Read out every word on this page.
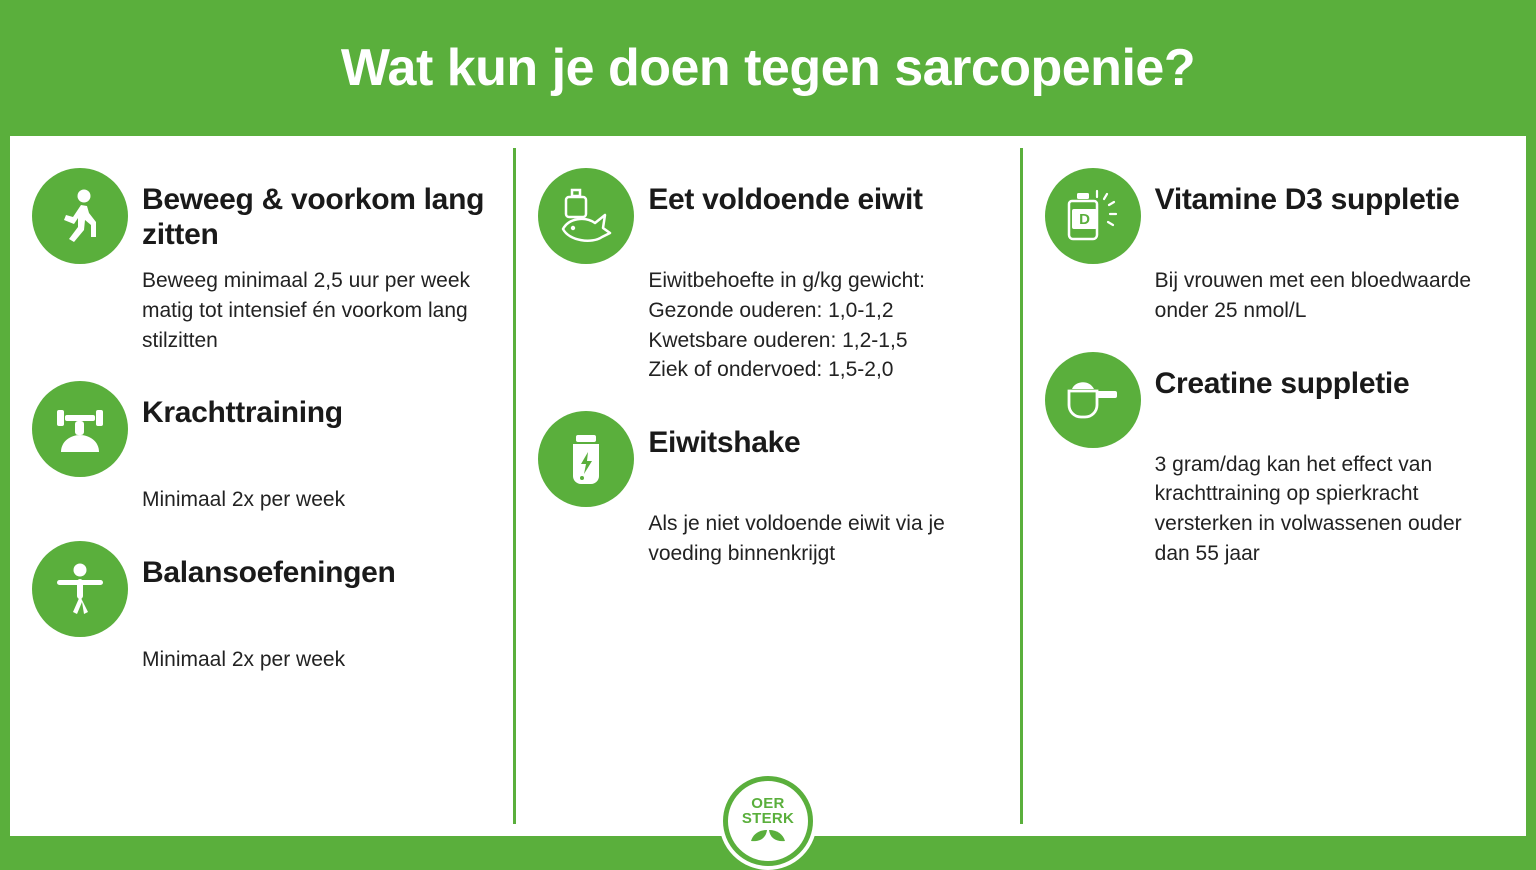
Wat kun je doen tegen sarcopenie?
Beweeg & voorkom lang zitten
Beweeg minimaal 2,5 uur per week matig tot intensief én voorkom lang stilzitten
Krachttraining
Minimaal 2x per week
Balansoefeningen
Minimaal 2x per week
Eet voldoende eiwit
Eiwitbehoefte in g/kg gewicht:
Gezonde ouderen: 1,0-1,2
Kwetsbare ouderen: 1,2-1,5
Ziek of ondervoed: 1,5-2,0
Eiwitshake
Als je niet voldoende eiwit via je voeding binnenkrijgt
OER
STERK
D
Vitamine D3 suppletie
Bij vrouwen met een bloedwaarde onder 25 nmol/L
Creatine suppletie
3 gram/dag kan het effect van krachttraining op spierkracht versterken in volwassenen ouder dan 55 jaar
